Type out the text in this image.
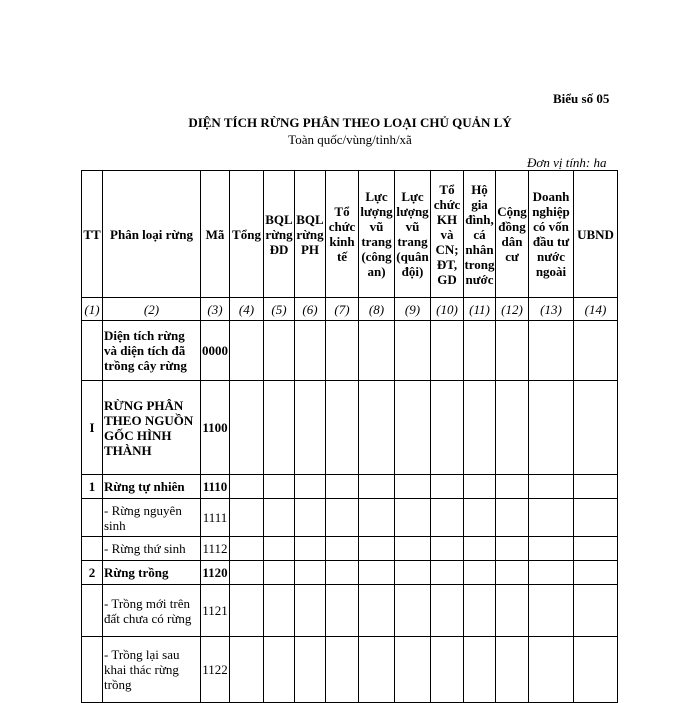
Biểu số 05
DIỆN TÍCH RỪNG PHÂN THEO LOẠI CHỦ QUẢN LÝ
Toàn quốc/vùng/tỉnh/xã
Đơn vị tính: ha
TT	Phân loại rừng	Mã	Tổng	BQL rừng ĐD	BQL rừng PH	Tổ chức kinh tế	Lực lượng vũ trang (công an)	Lực lượng vũ trang (quân đội)	Tổ chức KH và CN; ĐT, GD	Hộ gia đình, cá nhân trong nước	Cộng đồng dân cư	Doanh nghiệp có vốn đầu tư nước ngoài	UBND

(1)	(2)	(3)	(4)	(5)	(6)	(7)	(8)	(9)	(10)	(11)	(12)	(13)	(14)
	Diện tích rừng và diện tích đã trồng cây rừng	0000											
I	RỪNG PHÂN THEO NGUỒN GỐC HÌNH THÀNH	1100											
1	Rừng tự nhiên	1110											
	- Rừng nguyên sinh	1111											
	- Rừng thứ sinh	1112											
2	Rừng trồng	1120											
	- Trồng mới trên đất chưa có rừng	1121											
	- Trồng lại sau khai thác rừng trồng	1122											
